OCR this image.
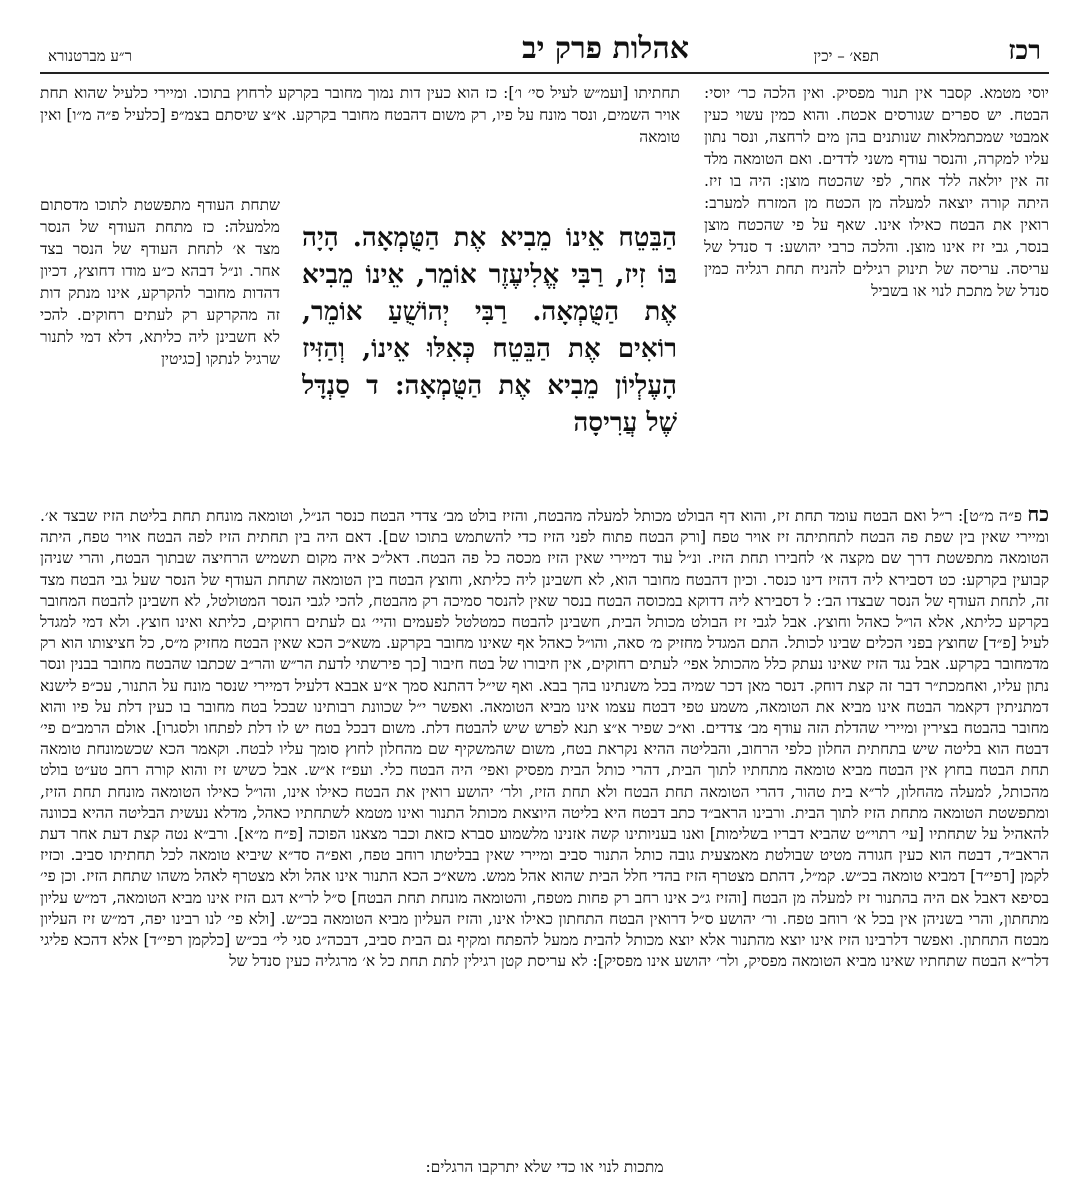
רכז
תפא׳ – יכין
אהלות פרק יב
ר״ע מברטנורא
יוסי מטמא. קסבר אין תנור מפסיק. ואין הלכה כר׳ יוסי: הבטח. יש ספרים שגורסים אכטח. והוא כמין עשוי כעין אמבטי שמכתמלאות שנותנים בהן מים לרחצה, ונסר נתון עליו למקרה, והנסר עודף משני לדדים. ואם הטומאה מלד זה אין יולאה ללד אחר, לפי שהכטח מוצן: היה בו זיז. היתה קורה יוצאה למעלה מן הכטח מן המזרח למערב: רואין את הבטח כאילו אינו. שאף על פי שהכטח מוצן בנסר, גבי זיז אינו מוצן. והלכה כרבי יהושע: ד סנדל של עריסה. עריסה של תינוק רגילים להניח תחת רגליה כמין סנדל של מתכת לנוי או בשביל
תחתיתו [ועמ״ש לעיל סי׳ ו׳]: כז הוא כעין דות נמוך מחובר בקרקע לרחוץ בתוכו. ומיירי כלעיל שהוא תחת אויר השמים, ונסר מונח על פיו, רק משום דהבטח מחובר בקרקע. א״צ שיסתם בצמ״פ [כלעיל פ״ה מ״ו] ואין טומאה
שתחת העודף מתפשטת לתוכו מדסתום מלמעלה: כז מתחת העודף של הנסר מצד א׳ לתחת העודף של הנסר בצד אחר. ונ״ל דבהא כ״ע מודו דחוצץ, דכיון דהדות מחובר להקרקע, אינו מנתק דות זה מהקרקע רק לעתים רחוקים. להכי לא חשבינן ליה כליתא, דלא דמי לתנור שרגיל לנתקו [כגיטין
הַבֵּטֵח אֵינוֹ מֵבִיא אֶת הַטֻּמְאָה. הָיָה בּוֹ זִיז, רַבִּי אֱלִיעֶזֶר אוֹמֵר, אֵינוֹ מֵבִיא אֶת הַטֻּמְאָה. רַבִּי יְהוֹשֻׁעַ אוֹמֵר, רוֹאִים אֶת הַבֵּטֵח כְּאִלּוּ אֵינוֹ, וְהַזִּיז הָעֶלְיוֹן מֵבִיא אֶת הַטֻּמְאָה: ד סַנְדָּל שֶׁל עֲרִיסָה
כח פ״ה מ״ט]: ר״ל ואם הבטח עומד תחת זיז, והוא דף הבולט מכותל למעלה מהבטח, והזיז בולט מב׳ צדדי הבטח כנסר הנ״ל, וטומאה מונחת תחת בליטת הזיז שבצד א׳. ומיירי שאין בין שפת פה הבטח לתחתיתה זיז אויר טפח [ורק הבטח פתוח לפני הזיז כדי להשתמש בתוכו שם]. דאם היה בין תחתית הזיז לפה הבטח אויר טפח, היתה הטומאה מתפשטת דרך שם מקצה א׳ לחבירו תחת הזיז. ונ״ל עוד דמיירי שאין הזיז מכסה כל פה הבטח. דאל״כ איה מקום תשמיש הרחיצה שבתוך הבטח, והרי שניהן קבועין בקרקע: כט דסבירא ליה דהזיז דינו כנסר. וכיון דהבטח מחובר הוא, לא חשבינן ליה כליתא, וחוצץ הבטח בין הטומאה שתחת העודף של הנסר שעל גבי הבטח מצד זה, לתחת העודף של הנסר שבצדו הב׳: ל דסבירא ליה דדוקא במכוסה הבטח בנסר שאין להנסר סמיכה רק מהבטח, להכי לגבי הנסר המטולטל, לא חשבינן להבטח המחובר בקרקע כליתא, אלא הו״ל כאהל וחוצץ. אבל לגבי זיז הבולט מכותל הבית, חשבינן להבטח כמטלטל לפעמים והיי׳ גם לעתים רחוקים, כליתא ואינו חוצץ. ולא דמי למגדל לעיל [פ״ד] שחוצץ בפני הכלים שבינו לכותל. התם המגדל מחזיק מ׳ סאה, והו״ל כאהל אף שאינו מחובר בקרקע. משא״כ הכא שאין הבטח מחזיק מ״ס, כל חציצותו הוא רק מדמחובר בקרקע. אבל נגד הזיז שאינו נעתק כלל מהכותל אפי׳ לעתים רחוקים, אין חיבורו של בטח חיבור [כך פירשתי לדעת הר״ש והר״ב שכתבו שהבטח מחובר בבנין ונסר נתון עליו, ואחמכת״ר דבר זה קצת דוחק. דנסר מאן דכר שמיה בכל משנתינו בהך בבא. ואף שי״ל דהתנא סמך א״ע אבבא דלעיל דמיירי שנסר מונח על התנור, עכ״פ לישנא דמתניתין דקאמר הבטח אינו מביא את הטומאה, משמע טפי דבטח עצמו אינו מביא הטומאה. ואפשר י״ל שכוונת רבותינו שבכל בטח מחובר בו כעין דלת על פיו והוא מחובר בהבטח בצירין ומיירי שהדלת הזה עודף מב׳ צדדים. וא״כ שפיר א״צ תנא לפרש שיש להבטח דלת. משום דבכל בטח יש לו דלת לפתחו ולסגרו]. אולם הרמב״ם פי׳ דבטח הוא בליטה שיש בתחתית החלון כלפי הרחוב, והבליטה ההיא נקראת בטח, משום שהמשקיף שם מהחלון לחוץ סומך עליו לבטח. וקאמר הכא שכשמונחת טומאה תחת הבטח בחוץ אין הבטח מביא טומאה מתחתיו לתוך הבית, דהרי כותל הבית מפסיק ואפי׳ היה הבטח כלי. ועפ״ז א״ש. אבל כשיש זיז והוא קורה רחב טע״ט בולט מהכותל, למעלה מהחלון, לר״א בית טהור, דהרי הטומאה תחת הבטח ולא תחת הזיז, ולר׳ יהושע רואין את הבטח כאילו אינו, והו״ל כאילו הטומאה מונחת תחת הזיז, ומתפשטת הטומאה מתחת הזיז לתוך הבית. ורבינו הראב״ד כתב דבטח היא בליטה היוצאת מכותל התנור ואינו מטמא לשתחתיו כאהל, מדלא נעשית הבליטה ההיא בכוונה להאהיל על שתחתיו [עי׳ רתוי״ט שהביא דבריו בשלימות] ואנו בעניותינו קשה אזנינו מלשמוע סברא כזאת וכבר מצאנו הפוכה [פ״ח מ״א]. ורב״א נטה קצת דעת אחר דעת הראב״ד, דבטח הוא כעין חגורה מטיט שבולטת מאמצעית גובה כותל התנור סביב ומיירי שאין בבליטתו רוחב טפח, ואפ״ה סד״א שיביא טומאה לכל תחתיתו סביב. וכזיז לקמן [רפי״ד] דמביא טומאה בכ״ש. קמ״ל, דהתם מצטרף הזיז בהדי חלל הבית שהוא אהל ממש. משא״כ הכא התנור אינו אהל ולא מצטרף לאהל משהו שתחת הזיז. וכן פי׳ בסיפא דאבל אם היה בהתנור זיז למעלה מן הבטח [והזיז ג״כ אינו רחב רק פחות מטפח, והטומאה מונחת תחת הבטח] ס״ל לר״א דגם הזיז אינו מביא הטומאה, דמ״ש עליון מתחתון, והרי בשניהן אין בכל א׳ רוחב טפח. ור׳ יהושע ס״ל דרואין הבטח התחתון כאילו אינו, והזיז העליון מביא הטומאה בכ״ש. [ולא פי׳ לנו רבינו יפה, דמ״ש זיז העליון מבטח התחתון. ואפשר דלרבינו הזיז אינו יוצא מהתנור אלא יוצא מכותל להבית ממעל להפתח ומקיף גם הבית סביב, דבכה״ג סגי לי׳ בכ״ש [כלקמן רפי״ד] אלא דהכא פליגי דלר״א הבטח שתחתיו שאינו מביא הטומאה מפסיק, ולר׳ יהושע אינו מפסיק]: לא עריסת קטן רגילין לתת תחת כל א׳ מרגליה כעין סנדל של
מתכות לנוי או כדי שלא יתרקבו הרגלים:
